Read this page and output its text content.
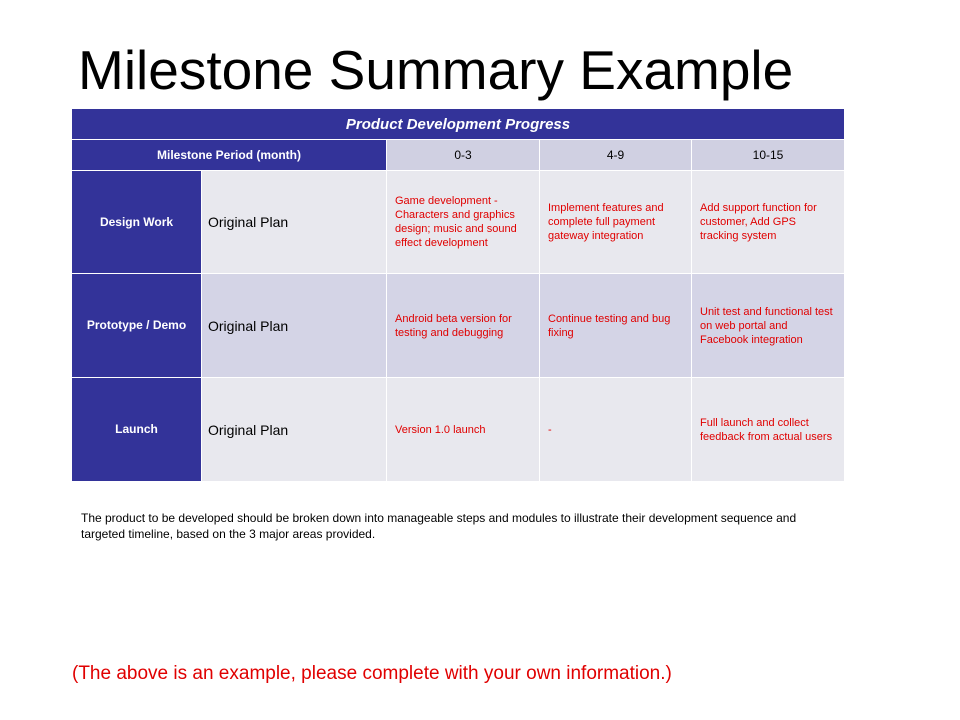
Milestone Summary Example
Product Development Progress				
Milestone Period (month)		0-3	4-9	10-15
Design Work	Original Plan	Game development - Characters and graphics design; music and sound effect development	Implement features and complete full payment gateway integration	Add support function for customer, Add GPS tracking system
Prototype / Demo	Original Plan	Android beta version for testing and debugging	Continue testing and bug fixing	Unit test and functional test on web portal and Facebook integration
Launch	Original Plan	Version 1.0 launch	-	Full launch and collect feedback from actual users
The product to be developed should be broken down into manageable steps and modules to illustrate their development sequence and targeted timeline, based on the 3 major areas provided.
(The above is an example, please complete with your own information.)
